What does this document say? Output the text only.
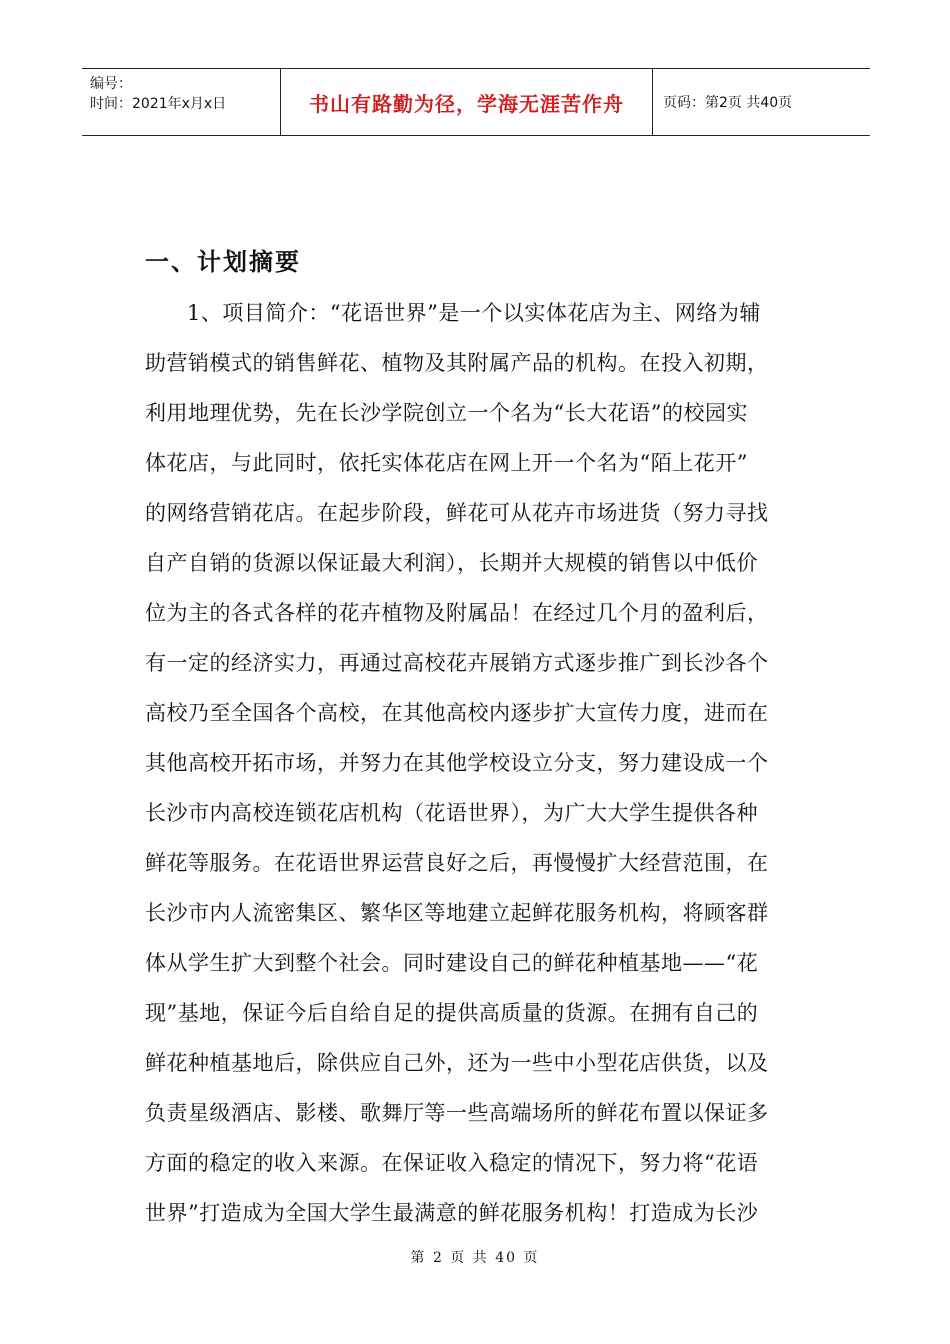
编号：
时间：2021年x月x日	书山有路勤为径，学海无涯苦作舟	页码：第2页 共40页
一、计划摘要

1、项目简介：“花语世界”是一个以实体花店为主、网络为辅
助营销模式的销售鲜花、植物及其附属产品的机构。在投入初期，
利用地理优势，先在长沙学院创立一个名为“长大花语”的校园实
体花店，与此同时，依托实体花店在网上开一个名为“陌上花开”
的网络营销花店。在起步阶段，鲜花可从花卉市场进货（努力寻找
自产自销的货源以保证最大利润），长期并大规模的销售以中低价
位为主的各式各样的花卉植物及附属品！在经过几个月的盈利后，
有一定的经济实力，再通过高校花卉展销方式逐步推广到长沙各个
高校乃至全国各个高校，在其他高校内逐步扩大宣传力度，进而在
其他高校开拓市场，并努力在其他学校设立分支，努力建设成一个
长沙市内高校连锁花店机构（花语世界），为广大大学生提供各种
鲜花等服务。在花语世界运营良好之后，再慢慢扩大经营范围，在
长沙市内人流密集区、繁华区等地建立起鲜花服务机构，将顾客群
体从学生扩大到整个社会。同时建设自己的鲜花种植基地——“花
现”基地，保证今后自给自足的提供高质量的货源。在拥有自己的
鲜花种植基地后，除供应自己外，还为一些中小型花店供货，以及
负责星级酒店、影楼、歌舞厅等一些高端场所的鲜花布置以保证多
方面的稳定的收入来源。在保证收入稳定的情况下，努力将“花语
世界”打造成为全国大学生最满意的鲜花服务机构！打造成为长沙

第 2 页 共 40 页
